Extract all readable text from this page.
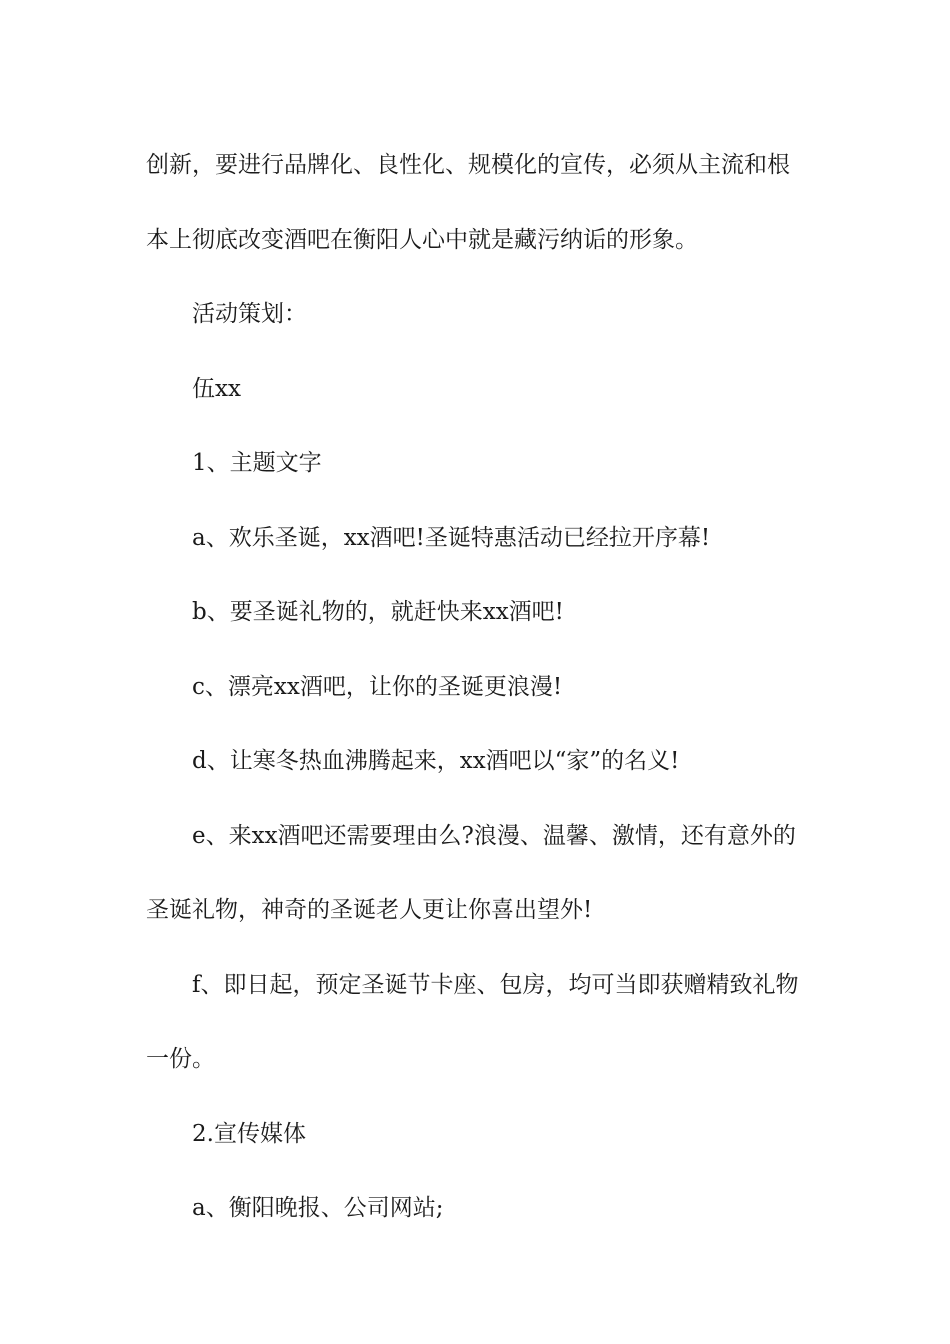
创新，要进行品牌化、良性化、规模化的宣传，必须从主流和根本上彻底改变酒吧在衡阳人心中就是藏污纳诟的形象。

活动策划：

伍xx

1、主题文字

a、欢乐圣诞，xx酒吧!圣诞特惠活动已经拉开序幕!

b、要圣诞礼物的，就赶快来xx酒吧!

c、漂亮xx酒吧，让你的圣诞更浪漫!

d、让寒冬热血沸腾起来，xx酒吧以“家”的名义!

e、来xx酒吧还需要理由么?浪漫、温馨、激情，还有意外的圣诞礼物，神奇的圣诞老人更让你喜出望外!

f、即日起，预定圣诞节卡座、包房，均可当即获赠精致礼物一份。

2.宣传媒体

a、衡阳晚报、公司网站;
